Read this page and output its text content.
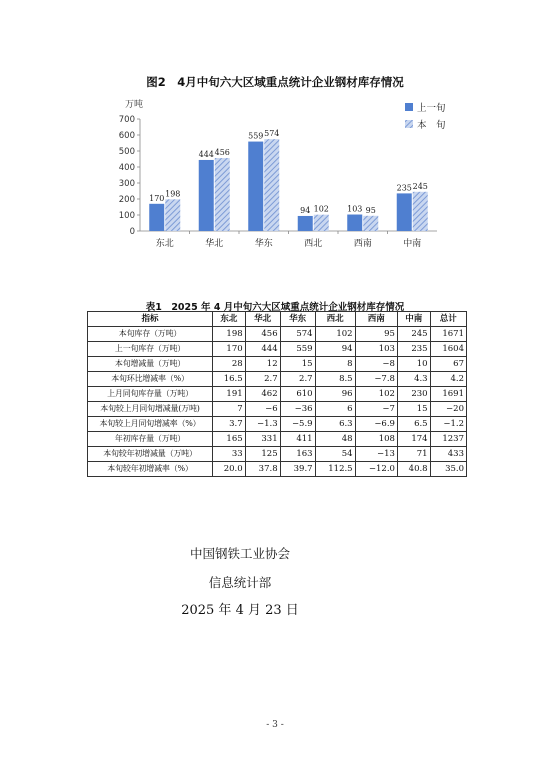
图2　4月中旬六大区域重点统计企业钢材库存情况
万吨
0
100
200
300
400
500
600
700
东北	华北	华东	西北	西南	中南
170 198
444 456
559 574
94 102 103 95
235 245
上一旬
本　旬
表1　2025 年 4 月中旬六大区域重点统计企业钢材库存情况
指标	东北	华北	华东	西北	西南	中南	总计
本旬库存（万吨）	198	456	574	102	95	245	1671
上一旬库存（万吨）	170	444	559	94	103	235	1604
本旬增减量（万吨）	28	12	15	8	−8	10	67
本旬环比增减率（%）	16.5	2.7	2.7	8.5	−7.8	4.3	4.2
上月同旬库存量（万吨）	191	462	610	96	102	230	1691
本旬较上月同旬增减量(万吨)	7	−6	−36	6	−7	15	−20
本旬较上月同旬增减率（%）	3.7	−1.3	−5.9	6.3	−6.9	6.5	−1.2
年初库存量（万吨）	165	331	411	48	108	174	1237
本旬较年初增减量（万吨）	33	125	163	54	−13	71	433
本旬较年初增减率（%）	20.0	37.8	39.7	112.5	−12.0	40.8	35.0
中国钢铁工业协会
信息统计部
2025 年 4 月 23 日
- 3 -
